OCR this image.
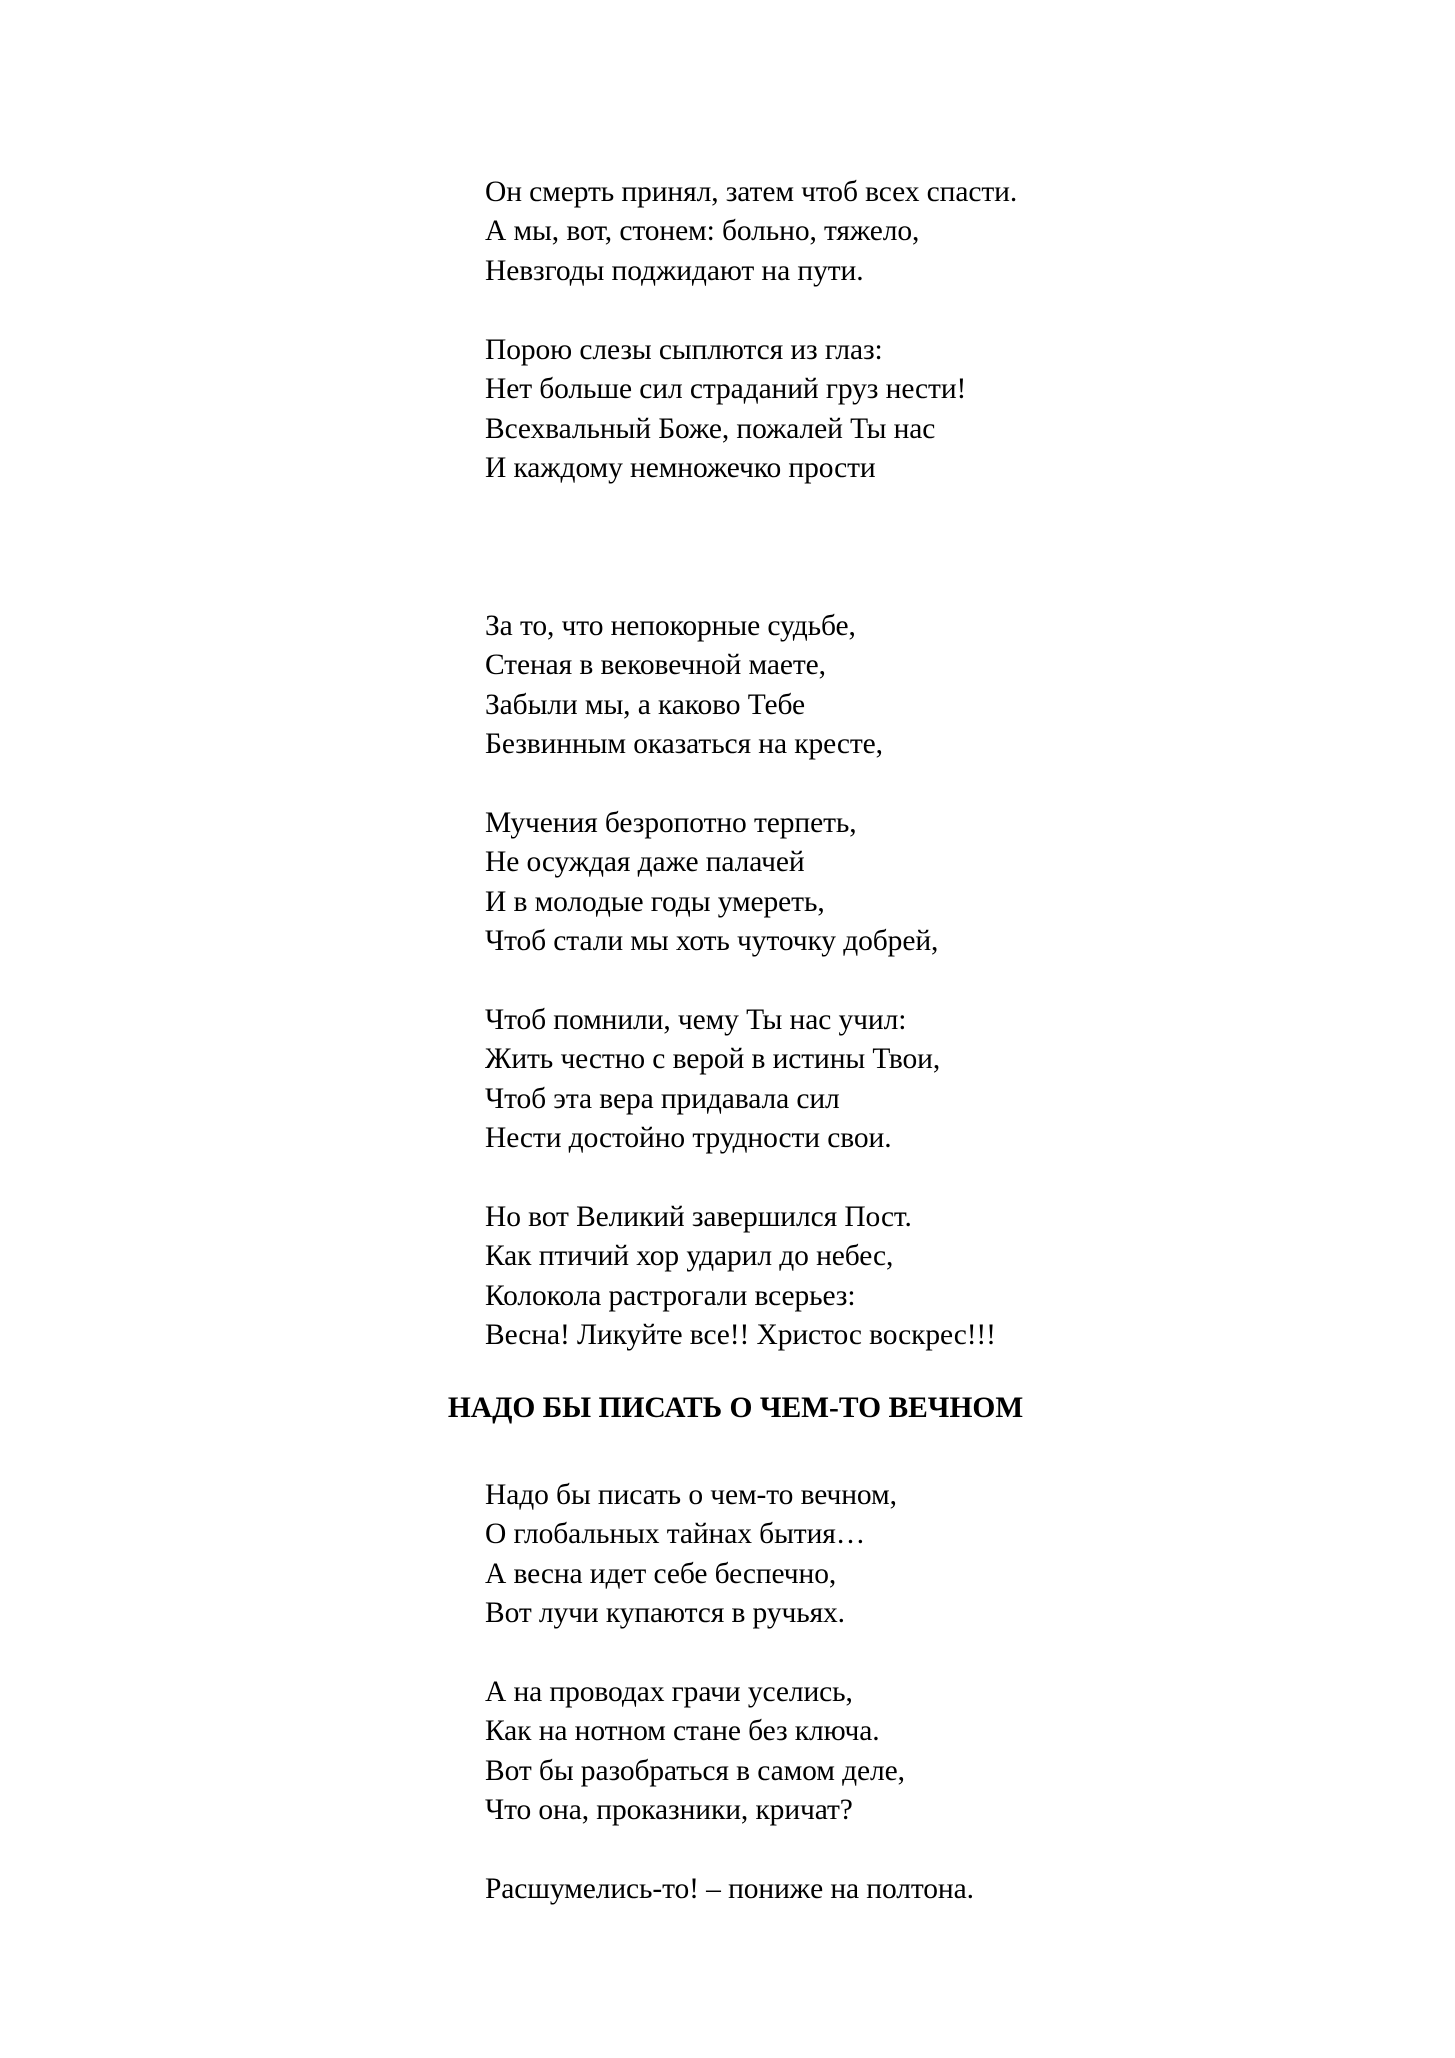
Он смерть принял, затем чтоб всех спасти.
А мы, вот, стонем: больно, тяжело,
Невзгоды поджидают на пути.
Порою слезы сыплются из глаз:
Нет больше сил страданий груз нести!
Всехвальный Боже, пожалей Ты нас
И каждому немножечко прости
За то, что непокорные судьбе,
Стеная в вековечной маете,
Забыли мы, а каково Тебе
Безвинным оказаться на кресте,
Мучения безропотно терпеть,
Не осуждая даже палачей
И в молодые годы умереть,
Чтоб стали мы хоть чуточку добрей,
Чтоб помнили, чему Ты нас учил:
Жить честно с верой в истины Твои,
Чтоб эта вера придавала сил
Нести достойно трудности свои.
Но вот Великий завершился Пост.
Как птичий хор ударил до небес,
Колокола растрогали всерьез:
Весна! Ликуйте все!! Христос воскрес!!!
НАДО БЫ ПИСАТЬ О ЧЕМ-ТО ВЕЧНОМ
Надо бы писать о чем-то вечном,
О глобальных тайнах бытия…
А весна идет себе беспечно,
Вот лучи купаются в ручьях.
А на проводах грачи уселись,
Как на нотном стане без ключа.
Вот бы разобраться в самом деле,
Что она, проказники, кричат?
Расшумелись-то! – понижe на полтона.
